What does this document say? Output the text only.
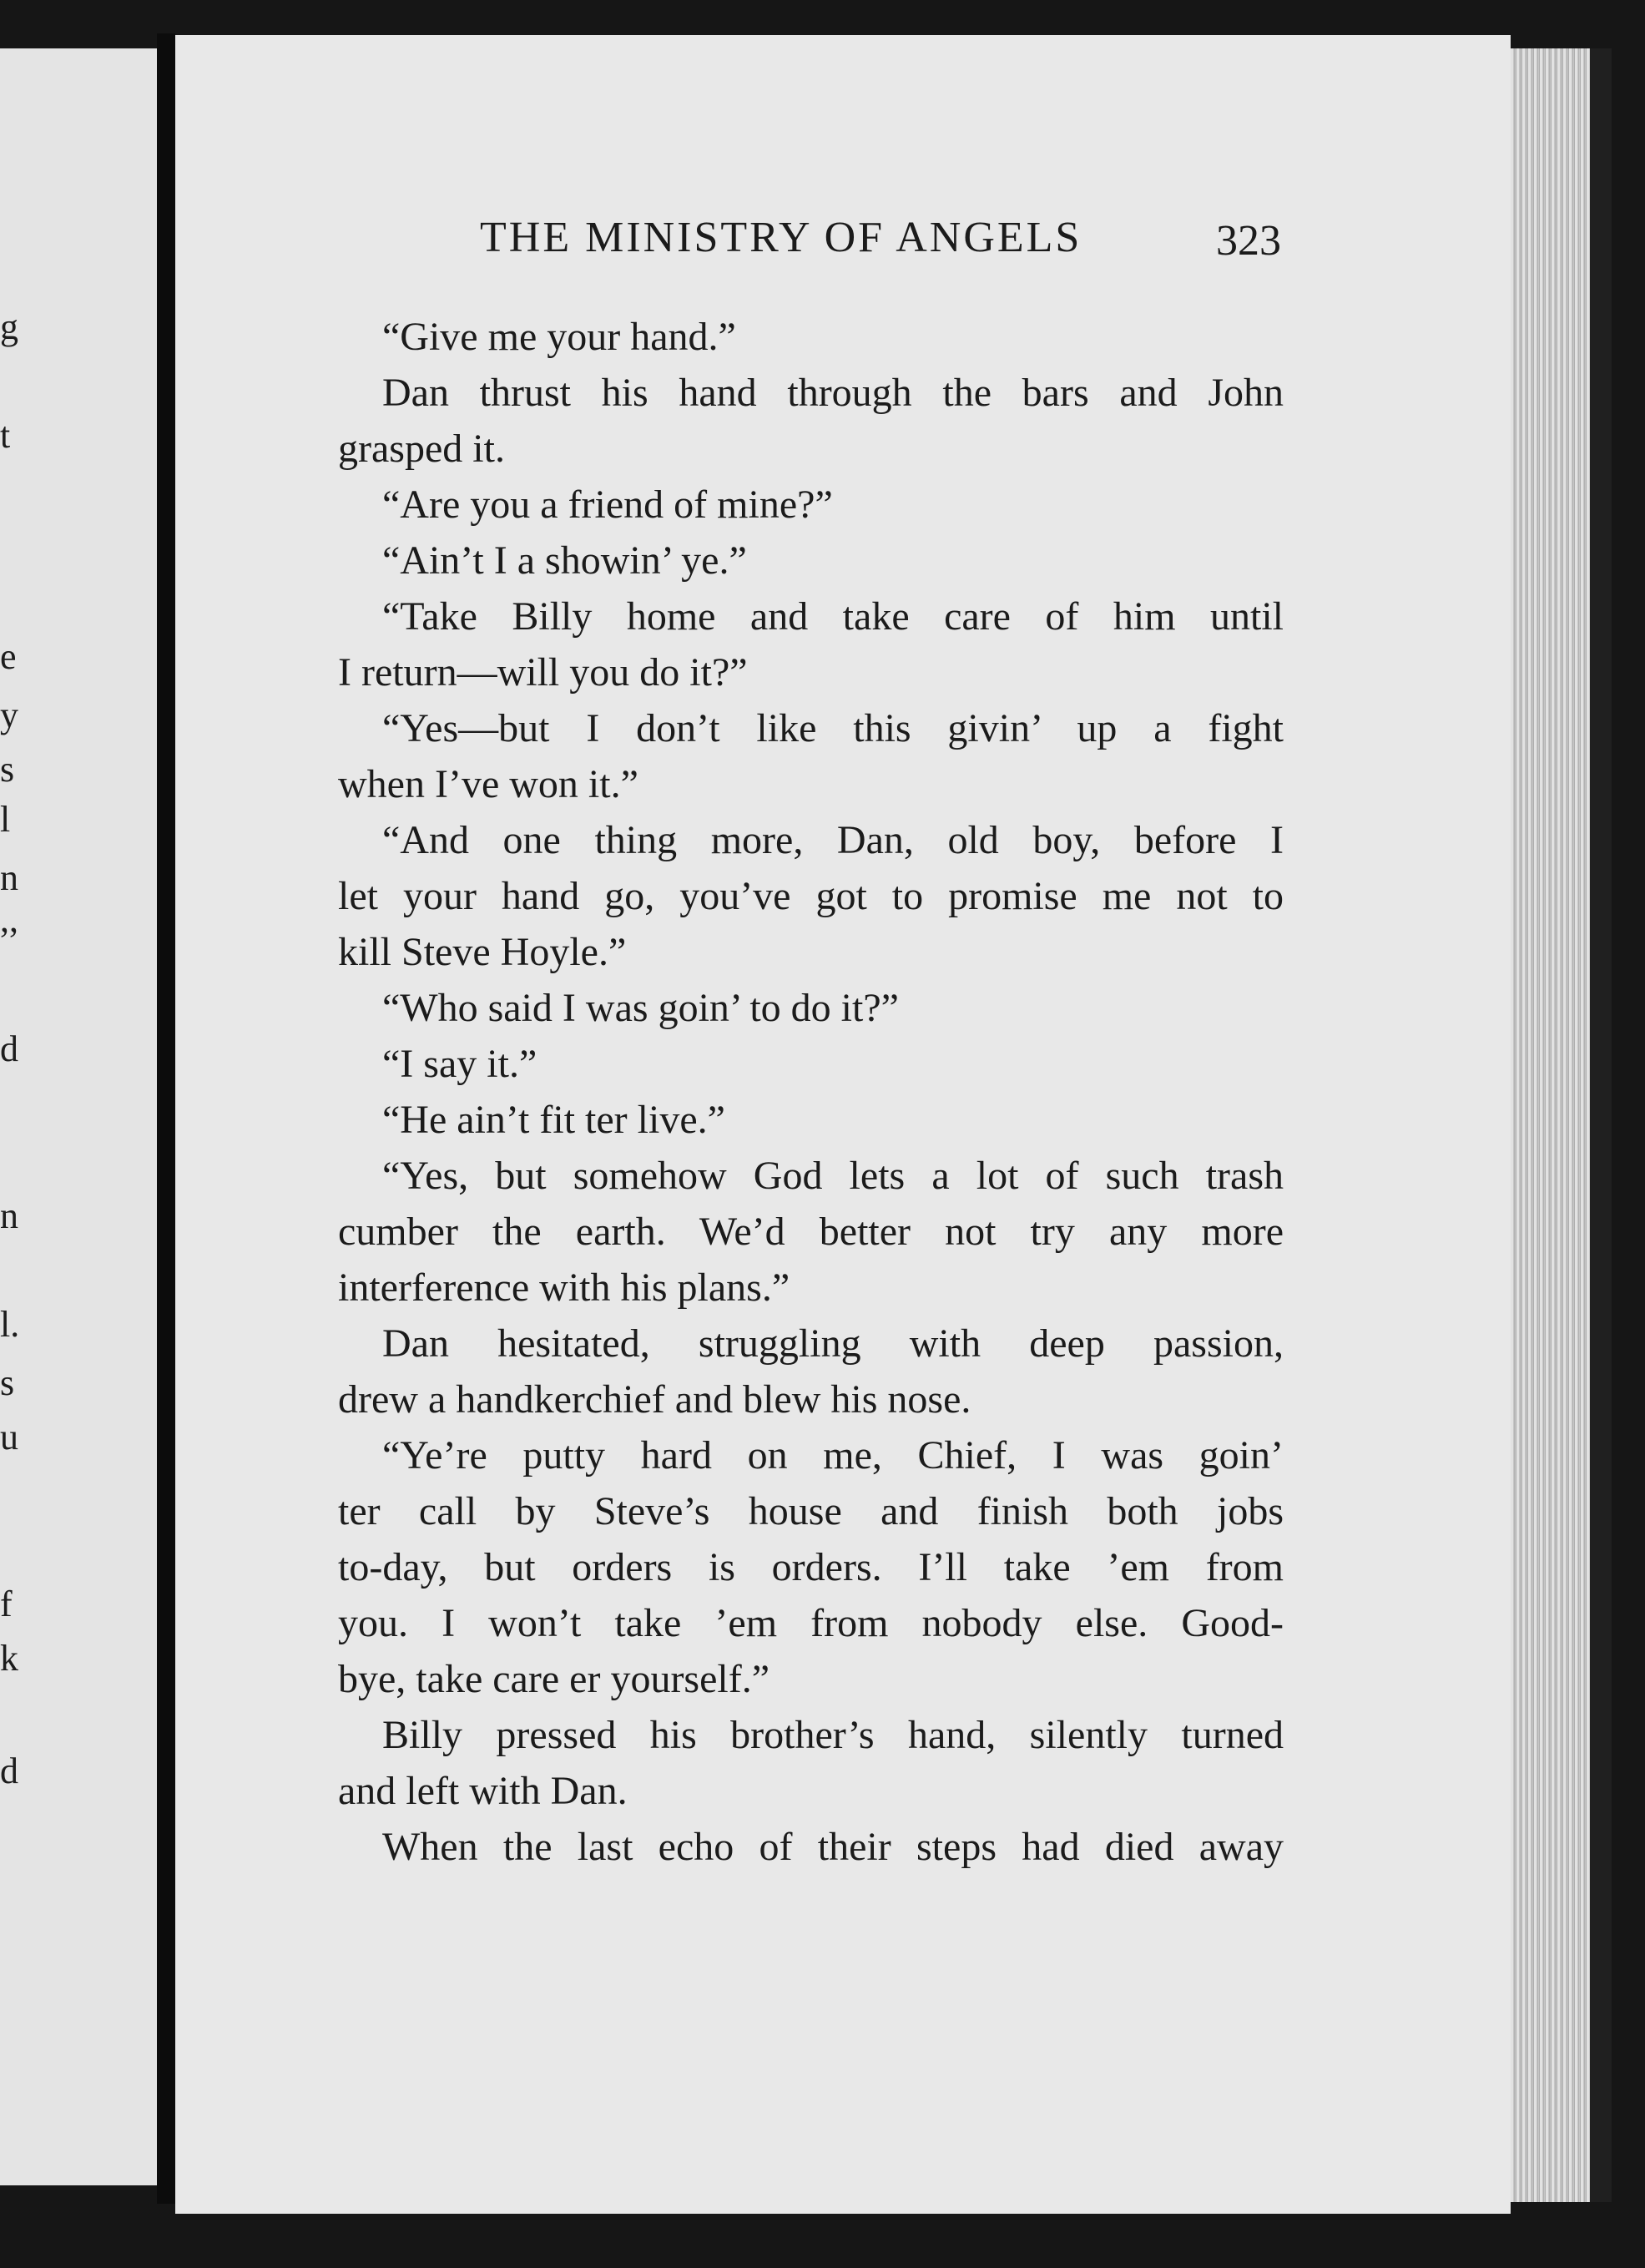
g
t
e
y
s
l
n
,,
d
n
l.
s
u
f
k
d
THE MINISTRY OF ANGELS	323
“Give me your hand.”
Dan thrust his hand through the bars and John
grasped it.
“Are you a friend of mine?”
“Ain’t I a showin’ ye.”
“Take Billy home and take care of him until
I return—will you do it?”
“Yes—but I don’t like this givin’ up a fight
when I’ve won it.”
“And one thing more, Dan, old boy, before I
let your hand go, you’ve got to promise me not to
kill Steve Hoyle.”
“Who said I was goin’ to do it?”
“I say it.”
“He ain’t fit ter live.”
“Yes, but somehow God lets a lot of such trash
cumber the earth. We’d better not try any more
interference with his plans.”
Dan hesitated, struggling with deep passion,
drew a handkerchief and blew his nose.
“Ye’re putty hard on me, Chief, I was goin’
ter call by Steve’s house and finish both jobs
to-day, but orders is orders. I’ll take ’em from
you. I won’t take ’em from nobody else. Good-
bye, take care er yourself.”
Billy pressed his brother’s hand, silently turned
and left with Dan.
When the last echo of their steps had died away
